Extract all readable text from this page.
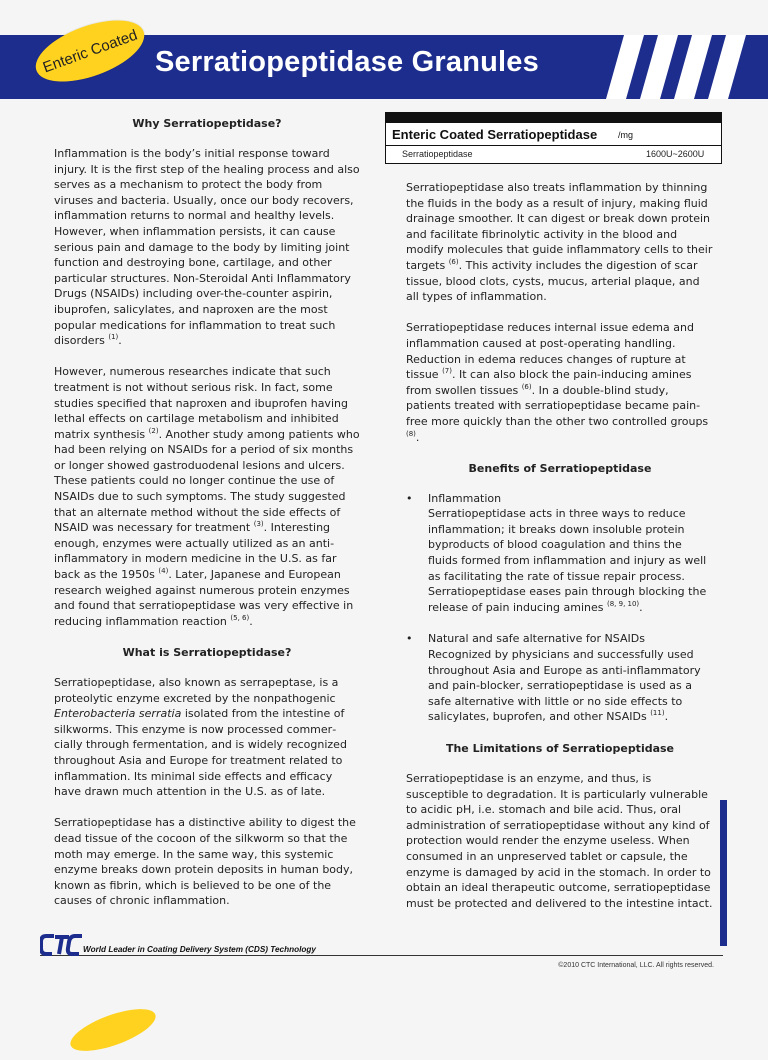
Enteric Coated Serratiopeptidase Granules
Enteric Coated Serratiopeptidase /mg
Serratiopeptidase	1600U~2600U
Why Serratiopeptidase?

Inflammation is the body’s initial response toward injury. It is the first step of the healing process and also serves as a mechanism to protect the body from viruses and bacteria. Usually, once our body recovers, inflammation returns to normal and healthy levels. However, when inflammation persists, it can cause serious pain and damage to the body by limiting joint function and destroying bone, cartilage, and other particular structures. Non-Steroidal Anti Inflammatory Drugs (NSAIDs) including over-the-counter aspirin, ibuprofen, salicylates, and naproxen are the most popular medications for inflammation to treat such disorders $^{(1)}$.

However, numerous researches indicate that such treatment is not without serious risk. In fact, some studies specified that naproxen and ibuprofen having lethal effects on cartilage metabolism and inhibited matrix synthesis $^{(2)}$. Another study among patients who had been relying on NSAIDs for a period of six months or longer showed gastroduodenal lesions and ulcers. These patients could no longer continue the use of NSAIDs due to such symptoms. The study suggested that an alternate method without the side effects of NSAID was necessary for treatment $^{(3)}$. Interesting enough, enzymes were actually utilized as an anti-inflammatory in modern medicine in the U.S. as far back as the 1950s $^{(4)}$. Later, Japanese and European research weighed against numerous protein enzymes and found that serratiopeptidase was very effective in reducing inflammation reaction $^{(5, 6)}$.

What is Serratiopeptidase?

Serratiopeptidase, also known as serrapeptase, is a proteolytic enzyme excreted by the nonpathogenic Enterobacteria serratia isolated from the intestine of silkworms. This enzyme is now processed commercially through fermentation, and is widely recognized throughout Asia and Europe for treatment related to inflammation. Its minimal side effects and efficacy have drawn much attention in the U.S. as of late.

Serratiopeptidase has a distinctive ability to digest the dead tissue of the cocoon of the silkworm so that the moth may emerge. In the same way, this systemic enzyme breaks down protein deposits in human body, known as fibrin, which is believed to be one of the causes of chronic inflammation.

Serratiopeptidase also treats inflammation by thinning the fluids in the body as a result of injury, making fluid drainage smoother. It can digest or break down protein and facilitate fibrinolytic activity in the blood and modify molecules that guide inflammatory cells to their targets $^{(6)}$. This activity includes the digestion of scar tissue, blood clots, cysts, mucus, arterial plaque, and all types of inflammation.

Serratiopeptidase reduces internal issue edema and inflammation caused at post-operating handling. Reduction in edema reduces changes of rupture at tissue $^{(7)}$. It can also block the pain-inducing amines from swollen tissues $^{(6)}$. In a double-blind study, patients treated with serratiopeptidase became pain-free more quickly than the other two controlled groups $^{(8)}$.

Benefits of Serratiopeptidase
• Inflammation
Serratiopeptidase acts in three ways to reduce inflammation; it breaks down insoluble protein byproducts of blood coagulation and thins the fluids formed from inflammation and injury as well as facilitating the rate of tissue repair process. Serratiopeptidase eases pain through blocking the release of pain inducing amines $^{(8, 9, 10)}$.
• Natural and safe alternative for NSAIDs
Recognized by physicians and successfully used throughout Asia and Europe as anti-inflammatory and pain-blocker, serratiopeptidase is used as a safe alternative with little or no side effects to salicylates, buprofen, and other NSAIDs $^{(11)}$.
The Limitations of Serratiopeptidase

Serratiopeptidase is an enzyme, and thus, is susceptible to degradation. It is particularly vulnerable to acidic pH, i.e. stomach and bile acid. Thus, oral administration of serratiopeptidase without any kind of protection would render the enzyme useless. When consumed in an unpreserved tablet or capsule, the enzyme is damaged by acid in the stomach. In order to obtain an ideal therapeutic outcome, serratiopeptidase must be protected and delivered to the intestine intact.

World Leader in Coating Delivery System (CDS) Technology
©2010 CTC International, LLC. All rights reserved.
